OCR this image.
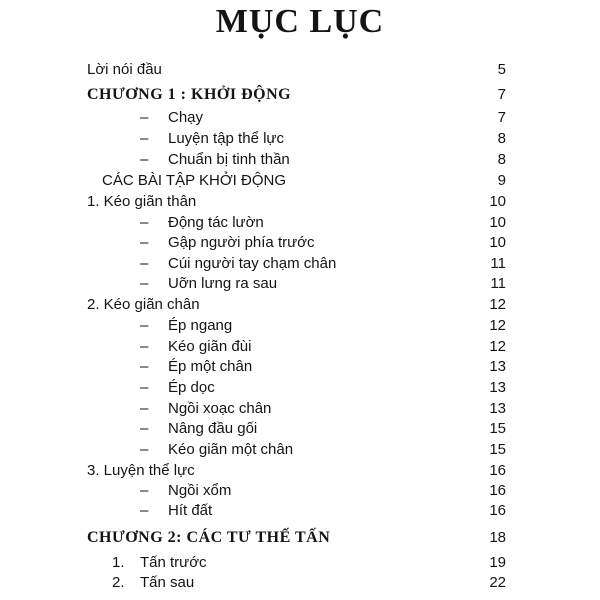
MỤC LỤC
Lời nói đầu	5
CHƯƠNG 1 : KHỞI ĐỘNG	7
– Chạy	7
– Luyện tập thể lực	8
– Chuẩn bị tinh thần	8
CÁC BÀI TẬP KHỞI ĐỘNG	9
1. Kéo giãn thân	10
– Động tác lườn	10
– Gập người phía trước	10
– Cúi người tay chạm chân	11
– Uỡn lưng ra sau	11
2. Kéo giãn chân	12
– Ép ngang	12
– Kéo giãn đùi	12
– Ép một chân	13
– Ép dọc	13
– Ngồi xoạc chân	13
– Nâng đầu gối	15
– Kéo giãn một chân	15
3. Luyện thể lực	16
– Ngồi xổm	16
– Hít đất	16
CHƯƠNG 2: CÁC TƯ THẾ TẤN	18
1. Tấn trước	19
2. Tấn sau	22
